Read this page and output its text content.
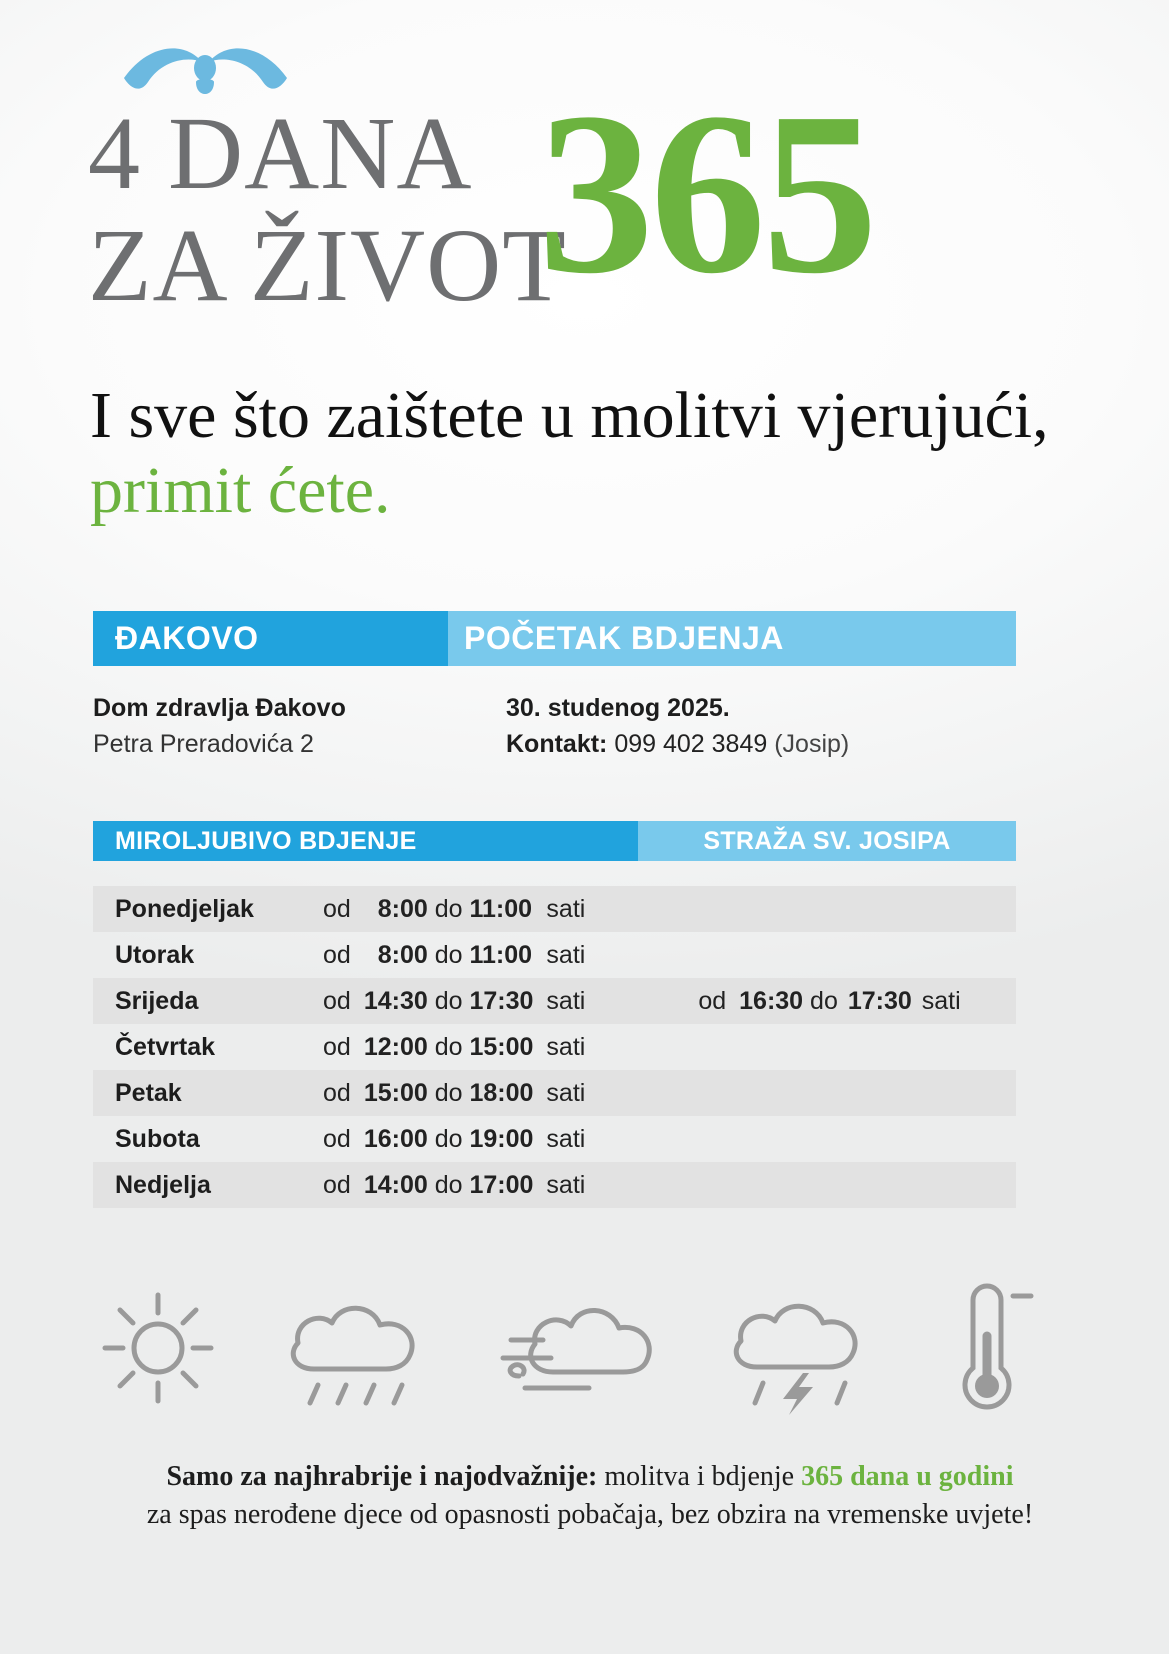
4 DANA
ZA ŽIVOT
365
I sve što zaištete u molitvi vjerujući, primit ćete.
ĐAKOVO	POČETAK BDJENJA
Dom zdravlja Đakovo
Petra Preradovića 2
30. studenog 2025.
Kontakt: 099 402 3849 (Josip)
MIROLJUBIVO BDJENJE	STRAŽA SV. JOSIPA
Ponedjeljak	od 8:00 do 11:00 sati
Utorak	od 8:00 do 11:00 sati
Srijeda	od 14:30 do 17:30 sati	od 16:30 do 17:30 sati
Četvrtak	od 12:00 do 15:00 sati
Petak	od 15:00 do 18:00 sati
Subota	od 16:00 do 19:00 sati
Nedjelja	od 14:00 do 17:00 sati
Samo za najhrabrije i najodvažnije: molitva i bdjenje 365 dana u godini
za spas nerođene djece od opasnosti pobačaja, bez obzira na vremenske uvjete!
